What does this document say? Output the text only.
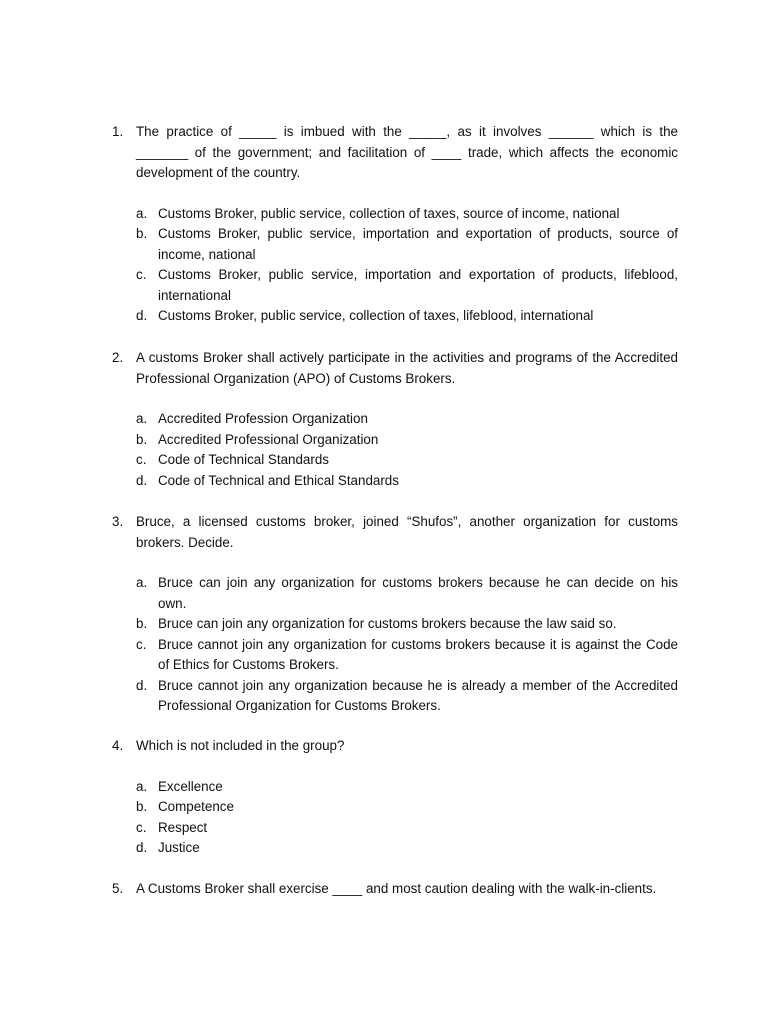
1. The practice of _____ is imbued with the _____, as it involves ______ which is the _______ of the government; and facilitation of ____ trade, which affects the economic development of the country.
a. Customs Broker, public service, collection of taxes, source of income, national
b. Customs Broker, public service, importation and exportation of products, source of income, national
c. Customs Broker, public service, importation and exportation of products, lifeblood, international
d. Customs Broker, public service, collection of taxes, lifeblood, international
2. A customs Broker shall actively participate in the activities and programs of the Accredited Professional Organization (APO) of Customs Brokers.
a. Accredited Profession Organization
b. Accredited Professional Organization
c. Code of Technical Standards
d. Code of Technical and Ethical Standards
3. Bruce, a licensed customs broker, joined “Shufos”, another organization for customs brokers. Decide.
a. Bruce can join any organization for customs brokers because he can decide on his own.
b. Bruce can join any organization for customs brokers because the law said so.
c. Bruce cannot join any organization for customs brokers because it is against the Code of Ethics for Customs Brokers.
d. Bruce cannot join any organization because he is already a member of the Accredited Professional Organization for Customs Brokers.
4. Which is not included in the group?
a. Excellence
b. Competence
c. Respect
d. Justice
5. A Customs Broker shall exercise ____ and most caution dealing with the walk-in-clients.
